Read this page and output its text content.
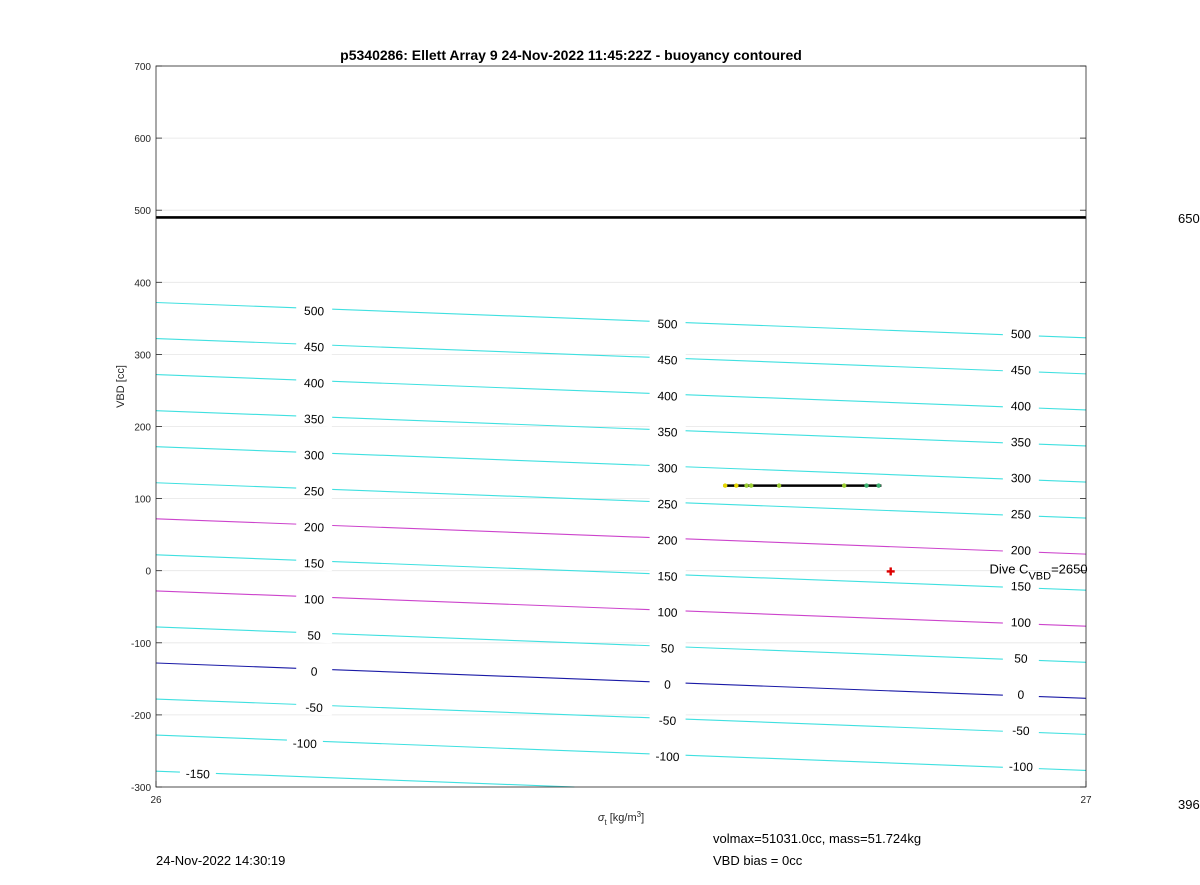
500
500
500
450
450
450
400
400
400
350
350
350
300
300
300
250
250
250
200
200
200
150
150
150
100
100
100
50
50
50
0
0
0
-50
-50
-50
-100
-100
-100
-150
700
600
500
400
300
200
100
0
-100
-200
-300
26	27
p5340286: Ellett Array 9 24-Nov-2022 11:45:22Z - buoyancy contoured
VBD [cc]
$\sigma_t$ $[kg/m^3]$
Dive $C_{VBD}=2650$
650
396
24-Nov-2022 14:30:19
volmax=51031.0cc, mass=51.724kg
VBD bias = 0cc
